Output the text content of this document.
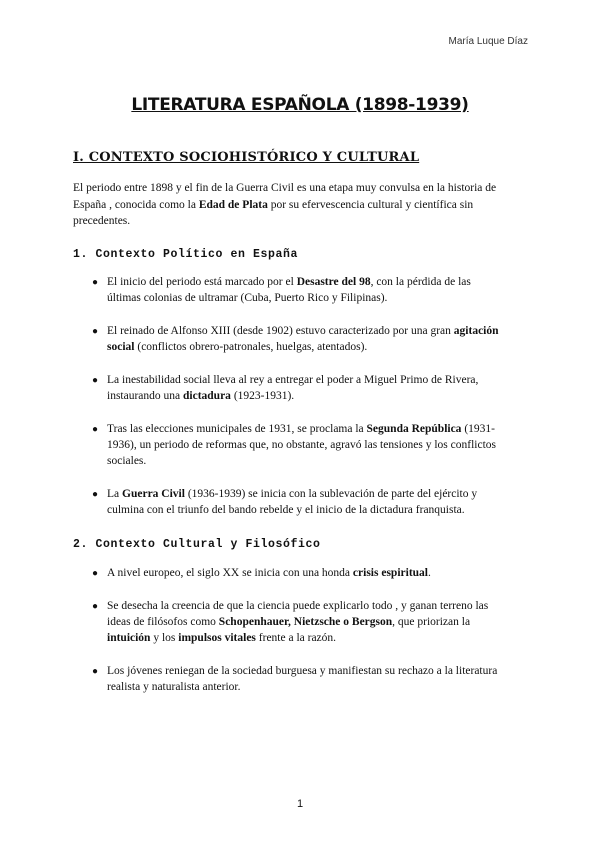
María Luque Díaz
LITERATURA ESPAÑOLA (1898-1939)
I. CONTEXTO SOCIOHISTÓRICO Y CULTURAL
El periodo entre 1898 y el fin de la Guerra Civil es una etapa muy convulsa en la historia de España , conocida como la Edad de Plata por su efervescencia cultural y científica sin precedentes.
1. Contexto Político en España
● El inicio del periodo está marcado por el Desastre del 98, con la pérdida de las últimas colonias de ultramar (Cuba, Puerto Rico y Filipinas).
● El reinado de Alfonso XIII (desde 1902) estuvo caracterizado por una gran agitación social (conflictos obrero-patronales, huelgas, atentados).
● La inestabilidad social lleva al rey a entregar el poder a Miguel Primo de Rivera, instaurando una dictadura (1923-1931).
● Tras las elecciones municipales de 1931, se proclama la Segunda República (1931-1936), un periodo de reformas que, no obstante, agravó las tensiones y los conflictos sociales.
● La Guerra Civil (1936-1939) se inicia con la sublevación de parte del ejército y culmina con el triunfo del bando rebelde y el inicio de la dictadura franquista.
2. Contexto Cultural y Filosófico
● A nivel europeo, el siglo XX se inicia con una honda crisis espiritual.
● Se desecha la creencia de que la ciencia puede explicarlo todo , y ganan terreno las ideas de filósofos como Schopenhauer, Nietzsche o Bergson, que priorizan la intuición y los impulsos vitales frente a la razón.
● Los jóvenes reniegan de la sociedad burguesa y manifiestan su rechazo a la literatura realista y naturalista anterior.
1
